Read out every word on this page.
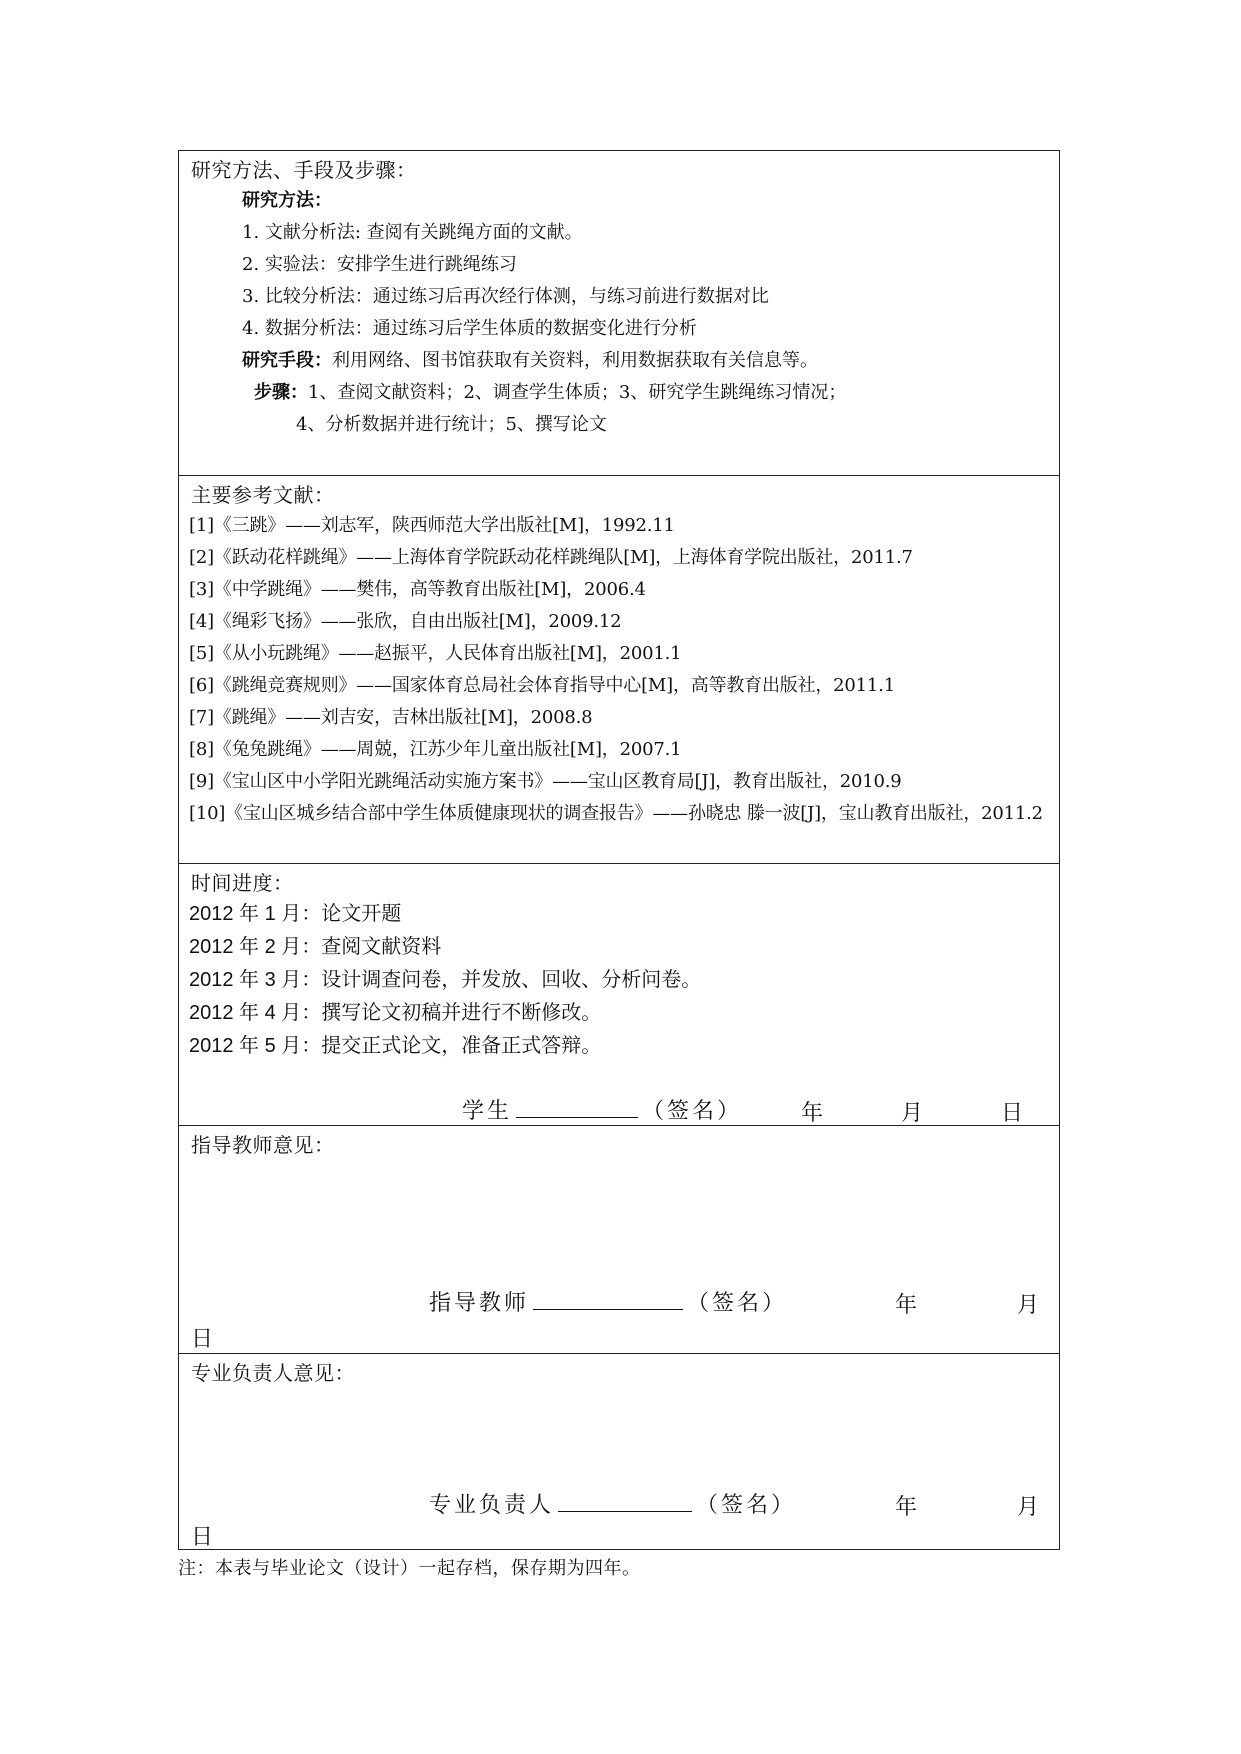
研究方法、手段及步骤：
研究方法：
1. 文献分析法: 查阅有关跳绳方面的文献。
2. 实验法：安排学生进行跳绳练习
3. 比较分析法：通过练习后再次经行体测，与练习前进行数据对比
4. 数据分析法：通过练习后学生体质的数据变化进行分析
研究手段：利用网络、图书馆获取有关资料，利用数据获取有关信息等。
步骤：1、查阅文献资料；2、调查学生体质；3、研究学生跳绳练习情况；
4、分析数据并进行统计；5、撰写论文
主要参考文献：
[1]《三跳》——刘志军，陕西师范大学出版社[M]，1992.11
[2]《跃动花样跳绳》——上海体育学院跃动花样跳绳队[M]，上海体育学院出版社，2011.7
[3]《中学跳绳》——樊伟，高等教育出版社[M]，2006.4
[4]《绳彩飞扬》——张欣，自由出版社[M]，2009.12
[5]《从小玩跳绳》——赵振平，人民体育出版社[M]，2001.1
[6]《跳绳竞赛规则》——国家体育总局社会体育指导中心[M]，高等教育出版社，2011.1
[7]《跳绳》——刘吉安，吉林出版社[M]，2008.8
[8]《兔兔跳绳》——周兢，江苏少年儿童出版社[M]，2007.1
[9]《宝山区中小学阳光跳绳活动实施方案书》——宝山区教育局[J]，教育出版社，2010.9
[10]《宝山区城乡结合部中学生体质健康现状的调查报告》——孙晓忠 滕一波[J]，宝山教育出版社，2011.2
时间进度：
2012 年 1 月：论文开题
2012 年 2 月：查阅文献资料
2012 年 3 月：设计调查问卷，并发放、回收、分析问卷。
2012 年 4 月：撰写论文初稿并进行不断修改。
2012 年 5 月：提交正式论文，准备正式答辩。
学生	（签名）	年	月	日
指导教师意见：
指导教师	（签名）	年	月
日
专业负责人意见：
专业负责人	（签名）	年	月
日
注：本表与毕业论文（设计）一起存档，保存期为四年。
